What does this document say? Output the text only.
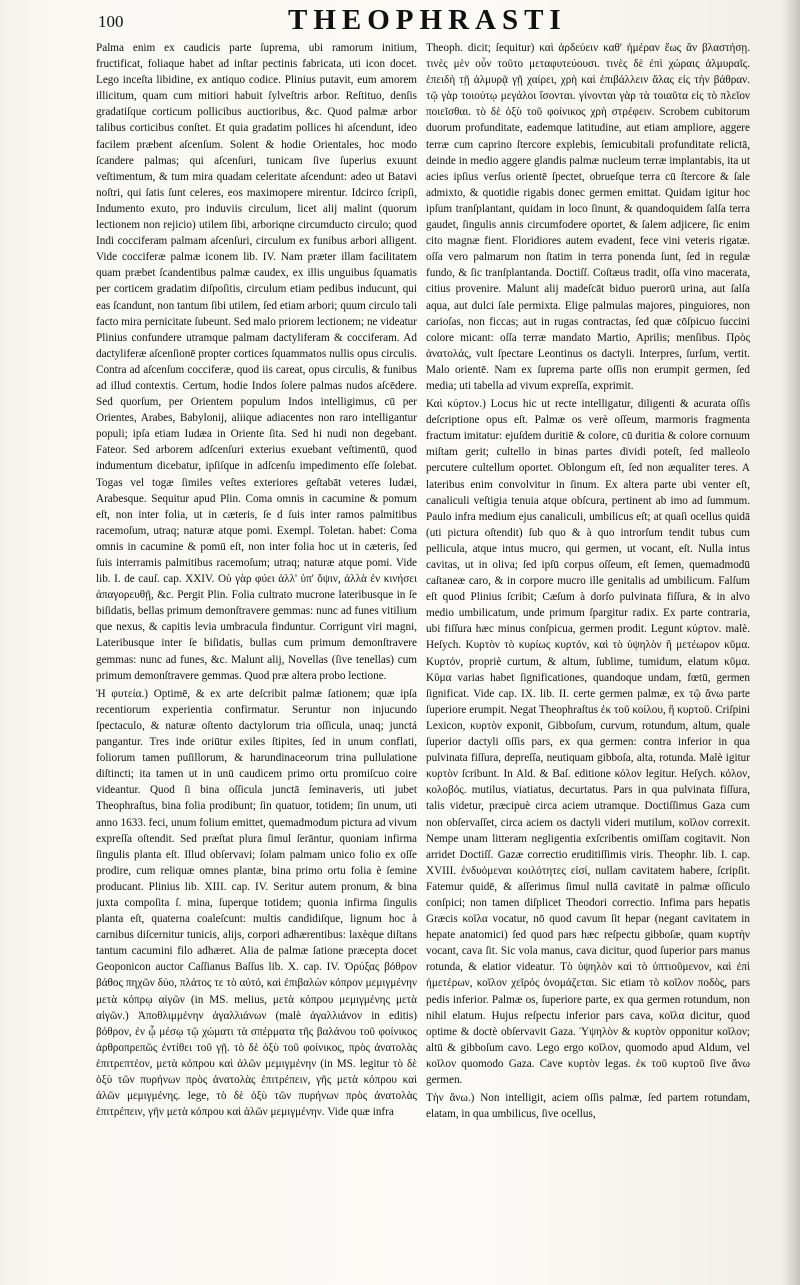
100	THEOPHRASTI

Palma enim ex caudicis parte ſuprema, ubi ramorum initium, fructificat, foliaque habet ad inſtar pectinis fabricata, uti icon docet. Lego inceſta libidine, ex antiquo codice. Plinius putavit, eum amorem illicitum, quam cum mitiori habuit ſylveſtris arbor. Reſtituo, denſis gradatiſque corticum pollicibus auctioribus, &c. Quod palmæ arbor talibus corticibus conſtet. Et quia gradatim pollices hi aſcendunt, ideo facilem præbent aſcenſum. Solent & hodie Orientales, hoc modo ſcandere palmas; qui aſcenſuri, tunicam ſive ſuperius exuunt veſtimentum, & tum mira quadam celeritate aſcendunt: adeo ut Batavi noſtri, qui ſatis ſunt celeres, eos maximopere mirentur. Idcirco ſcripſi, Indumento exuto, pro induviis circulum, licet alij malint (quorum lectionem non rejicio) utilem ſibi, arboriqne circumducto circulo; quod Indi cocciferam palmam aſcenſuri, circulum ex funibus arbori alligent. Vide cocciferæ palmæ iconem lib. IV. Nam præter illam facilitatem quam præbet ſcandentibus palmæ caudex, ex illis unguibus ſquamatis per corticem gradatim diſpoſitis, circulum etiam pedibus inducunt, qui eas ſcandunt, non tantum ſibi utilem, ſed etiam arbori; quum circulo tali facto mira pernicitate ſubeunt. Sed malo priorem lectionem; ne videatur Plinius confundere utramque palmam dactyliferam & cocciferam. Ad dactyliferæ aſcenſionē propter cortices ſquammatos nullis opus circulis. Contra ad aſcenſum cocciferæ, quod iis careat, opus circulis, & funibus ad illud contextis. Certum, hodie Indos ſolere palmas nudos aſcēdere. Sed quorſum, per Orientem populum Indos intelligimus, cū per Orientes, Arabes, Babylonij, aliique adiacentes non raro intelligantur populi; ipſa etiam Iudæa in Oriente ſita. Sed hi nudi non degebant. Fateor. Sed arborem adſcenſuri exterius exuebant veſtimentū, quod indumentum dicebatur, ipſiſque in adſcenſu impedimento eſſe ſolebat. Togas vel togæ ſimiles veſtes exteriores geſtabāt veteres Iudæi, Arabesque. Sequitur apud Plin. Coma omnis in cacumine & pomum eſt, non inter folia, ut in cæteris, ſe d ſuis inter ramos palmitibus racemoſum, utraq; naturæ atque pomi. Exempl. Toletan. habet: Coma omnis in cacumine & pomū eſt, non inter folia hoc ut in cæteris, ſed ſuis interramis palmitibus racemoſum; utraq; naturæ atque pomi. Vide lib. I. de cauſ. cap. XXIV. Οὐ γὰρ φύει ἀλλ' ὑπ' ὄψιν, ἀλλὰ ἐν κινήσει ἀπαγορευθῇ, &c. Pergit Plin. Folia cultrato mucrone lateribusque in ſe biſidatis, bellas primum demonſtravere gemmas: nunc ad funes vitilium que nexus, & capitis levia umbracula finduntur. Corrigunt viri magni, Lateribusque inter ſe biſidatis, bullas cum primum demonſtravere gemmas: nunc ad funes, &c. Malunt alij, Novellas (ſive tenellas) cum primum demonſtravere gemmas. Quod præ altera probo lectione.

Ἡ φυτεία.) Optimē, & ex arte deſcribit palmæ ſationem; quæ ipſa recentiorum experientia confirmatur. Seruntur non injucundo ſpectaculo, & naturæ oſtento dactylorum tria oſſicula, unaq; junctá pangantur. Tres inde oriūtur exiles ſtipites, ſed in unum conflati, foliorum tamen puſillorum, & harundinaceorum trina pullulatione diſtincti; ita tamen ut in unū caudicem primo ortu promiſcuo coire videantur. Quod ſi bina oſſicula junctā ſeminaveris, uti jubet Theophraſtus, bina folia prodibunt; ſin quatuor, totidem; ſin unum, uti anno 1633. feci, unum folium emittet, quemadmodum pictura ad vivum expreſſa oſtendit. Sed præſtat plura ſimul ſerāntur, quoniam infirma ſingulis planta eſt. Illud obſervavi; ſolam palmam unico folio ex oſſe prodire, cum reliquæ omnes plantæ, bina primo ortu folia è ſemine producant. Plinius lib. XIII. cap. IV. Seritur autem pronum, & bina juxta compoſita ſ. mina, ſuperque totidem; quonia infirma ſingulis planta eſt, quaterna coaleſcunt: multis candidiſque, lignum hoc à carnibus diſcernitur tunicis, alijs, corpori adhærentibus: laxèque diſtans tantum cacumini filo adhæret. Alia de palmæ ſatione præcepta docet Geoponicon auctor Caſſianus Baſſus lib. X. cap. IV. Ὀρύξας βόθρον βάθος πηχῶν δύο, πλάτος τε τὸ αὐτό, καὶ ἐπιβαλὼν κόπρον μεμιγμένην μετὰ κόπρῳ αἰγῶν (in MS. melius, μετὰ κόπρου μεμιγμένης μετὰ αἰγῶν.) Ἀποθλιμμένην ἀγαλλιάνων (malè ἀγαλλιάνον in editis) βόθρον, ἐν ᾧ μέσῳ τῷ χώματι τὰ σπέρματα τῆς βαλάνου τοῦ φοίνικος ἀρθροπρεπῶς ἐντίθει τοῦ γῇ. τὸ δὲ ὀξὺ τοῦ φοίνικος, πρὸς ἀνατολὰς ἐπιτρεπτέον, μετὰ κόπρου καὶ ἁλῶν μεμιγμένην (in MS. legitur τὸ δὲ ὀξὺ τῶν πυρήνων πρὸς ἀνατολὰς ἐπιτρέπειν, γῆς μετὰ κόπρου καὶ ἁλῶν μεμιγμένης. lege, τὸ δὲ ὀξὺ τῶν πυρήνων πρὸς ἀνατολὰς ἐπιτρέπειν, γῆν μετὰ κόπρου καὶ ἁλῶν μεμιγμένην. Vide quæ infra

Theoph. dicit; ſequitur) καὶ ἀρδεύειν καθ' ἡμέραν ἕως ἂν βλαστήσῃ. τινὲς μὲν οὖν τοῦτο μεταφυτεύουσι. τινὲς δὲ ἐπὶ χώραις ἀλμυραῖς. ἐπειδὴ τῇ ἀλμυρᾷ γῇ χαίρει, χρὴ καὶ ἐπιβάλλειν ἅλας εἰς τὴν βάθραν. τῷ γὰρ τοιούτῳ μεγάλοι ἴσονται. γίνονται γὰρ τὰ τοιαῦτα εἰς τὸ πλεῖον ποιεῖσθαι. τὸ δὲ ὀξὺ τοῦ φοίνικος χρὴ στρέφειν. Scrobem cubitorum duorum profunditate, eademque latitudine, aut etiam ampliore, aggere terræ cum caprino ſtercore explebis, ſemicubitali profunditate relictā, deinde in medio aggere glandis palmæ nucleum terræ implantabis, ita ut acies ipſius verſus orientē ſpectet, obrueſque terra cū ſtercore & ſale admixto, & quotidie rigabis donec germen emittat. Quidam igitur hoc ipſum tranſplantant, quidam in loco ſinunt, & quandoquidem ſalſa terra gaudet, ſingulis annis circumfodere oportet, & ſalem adjicere, ſic enim cito magnæ fient. Floridiores autem evadent, fece vini veteris rigatæ. oſſa vero palmarum non ſtatim in terra ponenda ſunt, ſed in regulæ fundo, & ſic tranſplantanda. Doctiſſ. Coſtæus tradit, oſſa vino macerata, citius provenire. Malunt alij madeſcāt biduo puerorū urina, aut ſalſa aqua, aut dulci ſale permixta. Elige palmulas majores, pinguiores, non carioſas, non ficcas; aut in rugas contractas, ſed quæ cōſpicuo ſuccini colore micant: oſſa terræ mandato Martio, Aprilis; menſibus. Πρὸς ἀνατολάς, vult ſpectare Leontinus os dactyli. Interpres, ſurſum, vertit. Malo orientē. Nam ex ſuprema parte oſſis non erumpit germen, ſed media; uti tabella ad vivum expreſſa, exprimit.

Καὶ κύρτον.) Locus hic ut recte intelligatur, diligenti & acurata oſſis deſcriptione opus eſt. Palmæ os verè oſſeum, marmoris fragmenta fractum imitatur: ejuſdem duritiē & colore, cū duritia & colore cornuum miſtam gerit; cultello in binas partes dividi poteſt, ſed malleolo percutere cultellum oportet. Oblongum eſt, ſed non æqualiter teres. A lateribus enim convolvitur in ſinum. Ex altera parte ubi venter eſt, canaliculi veſtigia tenuia atque obſcura, pertinent ab imo ad ſummum. Paulo infra medium ejus canaliculi, umbilicus eſt; at quaſi ocellus quidā (uti pictura oſtendit) ſub quo & à quo introrſum tendit tubus cum pellicula, atque intus mucro, qui germen, ut vocant, eſt. Nulla intus cavitas, ut in oliva; ſed ipſū corpus oſſeum, eſt ſemen, quemadmodū caſtaneæ caro, & in corpore mucro ille genitalis ad umbilicum. Falſum eſt quod Plinius ſcribit; Cæſum à dorſo pulvinata fiſſura, & in alvo medio umbilicatum, unde primum ſpargitur radix. Ex parte contraria, ubi fiſſura hæc minus conſpicua, germen prodit. Legunt κύρτον. malè. Heſych. Κυρτὸν τὸ κυρίως κυρτόν, καὶ τὸ ὑψηλὸν ἢ μετέωρον κῦμα. Κυρτόν, propriè curtum, & altum, ſublime, tumidum, elatum κῦμα. Κῦμα varias habet ſignificationes, quandoque undam, fœtū, germen ſignificat. Vide cap. IX. lib. II. certe germen palmæ, ex τῷ ἄνω parte ſuperiore erumpit. Negat Theophraſtus ἐκ τοῦ κοίλου, ἢ κυρτοῦ. Criſpini Lexicon, κυρτὸν exponit, Gibboſum, curvum, rotundum, altum, quale ſuperior dactyli oſſis pars, ex qua germen: contra inferior in qua pulvinata fiſſura, depreſſa, neutiquam gibboſa, alta, rotunda. Malè igitur κυρτὸν ſcribunt. In Ald. & Baſ. editione κόλον legitur. Heſych. κόλον, κολοβός. mutilus, viatiatus, decurtatus. Pars in qua pulvinata fiſſura, talis videtur, præcipuè circa aciem utramque. Doctiſſimus Gaza cum non obſervaſſet, circa aciem os dactyli videri mutilum, κοῖλον correxit. Nempe unam litteram negligentia exſcribentis omiſſam cogitavit. Non arridet Doctiſſ. Gazæ correctio eruditiſſimis viris. Theophr. lib. I. cap. XVIII. ἐνδυόμεναι κοιλότητες εἰσί, nullam cavitatem habere, ſcripſit. Fatemur quidē, & aſſerimus ſimul nullā cavitatē in palmæ oſſiculo conſpici; non tamen diſplicet Theodori correctio. Infima pars hepatis Græcis κοῖλα vocatur, nō quod cavum ſit hepar (negant cavitatem in hepate anatomici) ſed quod pars hæc reſpectu gibboſæ, quam κυρτὴν vocant, cava ſit. Sic vola manus, cava dicitur, quod ſuperior pars manus rotunda, & elatior videatur. Τὸ ὑψηλὸν καὶ τὸ ὑπτιοῦμενον, καὶ ἐπὶ ἡμετέρων, κοῖλον χεῖρός ὀνομάζεται. Sic etiam τὸ κοῖλον ποδὸς, pars pedis inferior. Palmæ os, ſuperiore parte, ex qua germen rotundum, non nihil elatum. Hujus reſpectu inferior pars cava, κοῖλα dicitur, quod optime & doctè obſervavit Gaza. Ὑψηλὸν & κυρτὸν opponitur κοῖλον; altū & gibboſum cavo. Lego ergo κοῖλον, quomodo apud Aldum, vel κοῖλον quomodo Gaza. Cave κυρτὸν legas. ἐκ τοῦ κυρτοῦ ſive ἄνω germen.

Τὴν ἄνω.) Non intelligit, aciem oſſis palmæ, ſed partem rotundam, elatam, in qua umbilicus, ſive ocellus,
